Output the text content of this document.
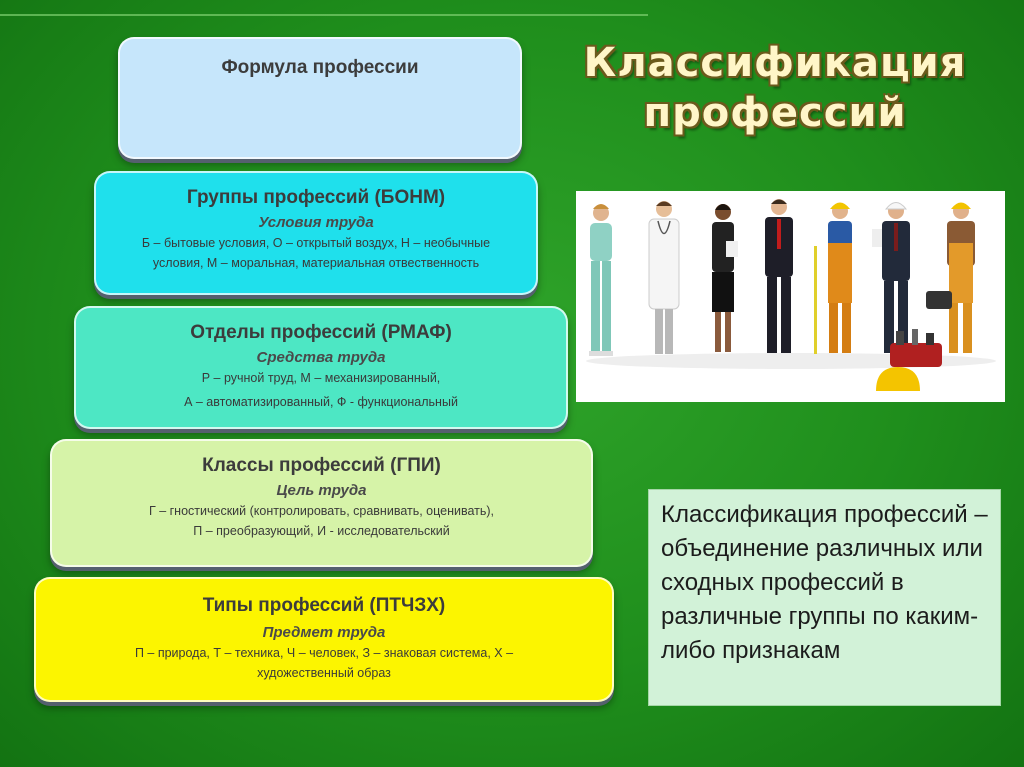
Классификация
профессий
Формула профессии
Группы профессий (БОНМ)
Условия труда
Б – бытовые условия, О – открытый воздух, Н – необычные
условия, М – моральная, материальная отвественность
Отделы профессий (РМАФ)
Средства труда
Р – ручной труд, М – механизированный,
А – автоматизированный, Ф - функциональный
Классы профессий (ГПИ)
Цель труда
Г – гностический (контролировать, сравнивать, оценивать),
П – преобразующий, И - исследовательский
Типы профессий (ПТЧЗХ)
Предмет труда
П – природа, Т – техника, Ч – человек, З – знаковая система, Х –
художественный образ
Классификация профессий – объединение различных или сходных профессий в различные группы по каким-либо признакам
